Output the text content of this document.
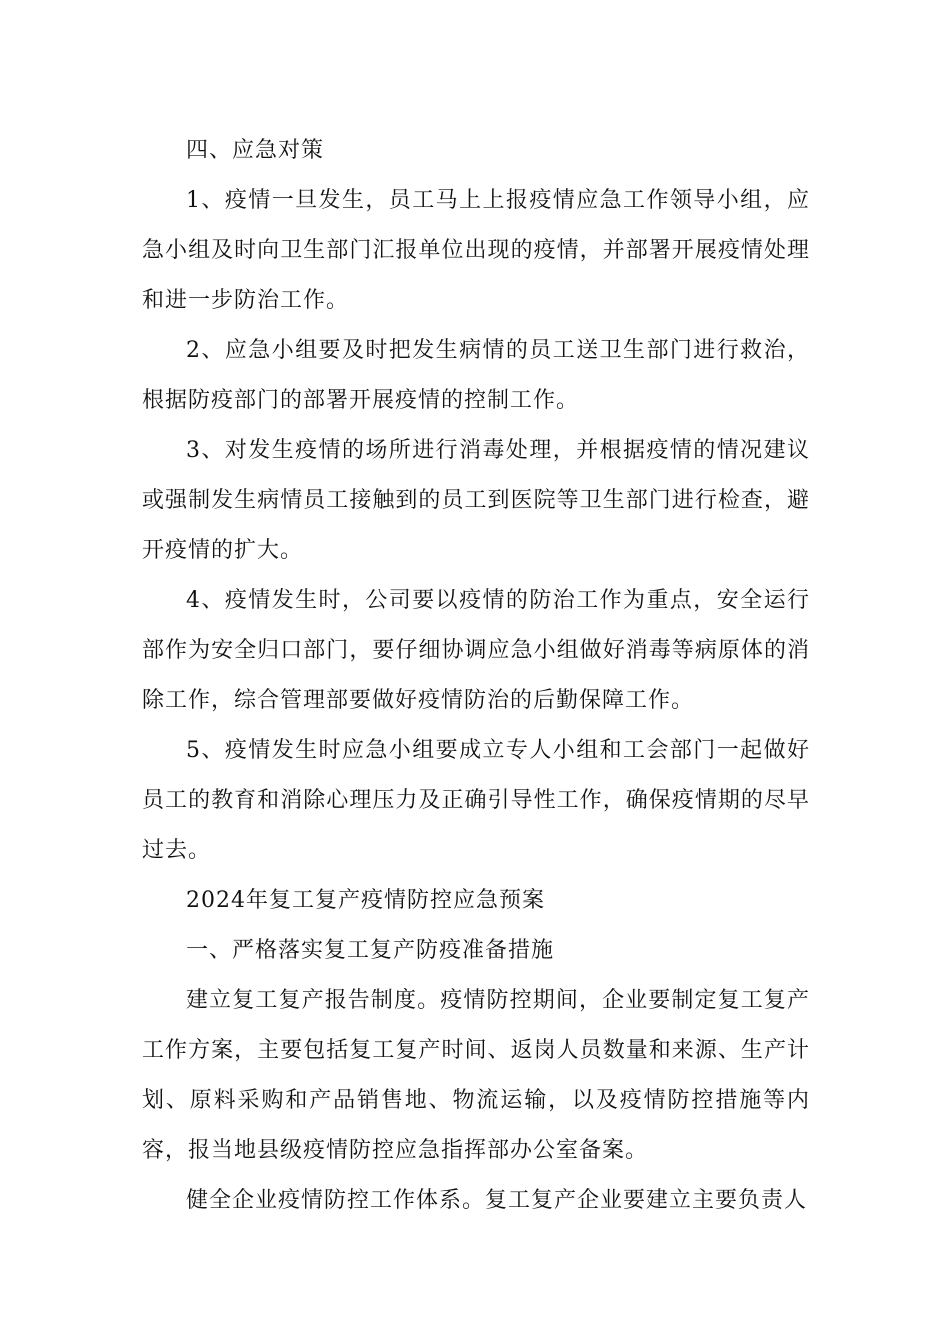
四、应急对策

1、疫情一旦发生，员工马上上报疫情应急工作领导小组，应急小组及时向卫生部门汇报单位出现的疫情，并部署开展疫情处理和进一步防治工作。

2、应急小组要及时把发生病情的员工送卫生部门进行救治，根据防疫部门的部署开展疫情的控制工作。

3、对发生疫情的场所进行消毒处理，并根据疫情的情况建议或强制发生病情员工接触到的员工到医院等卫生部门进行检查，避开疫情的扩大。

4、疫情发生时，公司要以疫情的防治工作为重点，安全运行部作为安全归口部门，要仔细协调应急小组做好消毒等病原体的消除工作，综合管理部要做好疫情防治的后勤保障工作。

5、疫情发生时应急小组要成立专人小组和工会部门一起做好员工的教育和消除心理压力及正确引导性工作，确保疫情期的尽早过去。

2024年复工复产疫情防控应急预案

一、严格落实复工复产防疫准备措施

建立复工复产报告制度。疫情防控期间，企业要制定复工复产工作方案，主要包括复工复产时间、返岗人员数量和来源、生产计划、原料采购和产品销售地、物流运输，以及疫情防控措施等内容，报当地县级疫情防控应急指挥部办公室备案。

健全企业疫情防控工作体系。复工复产企业要建立主要负责人
